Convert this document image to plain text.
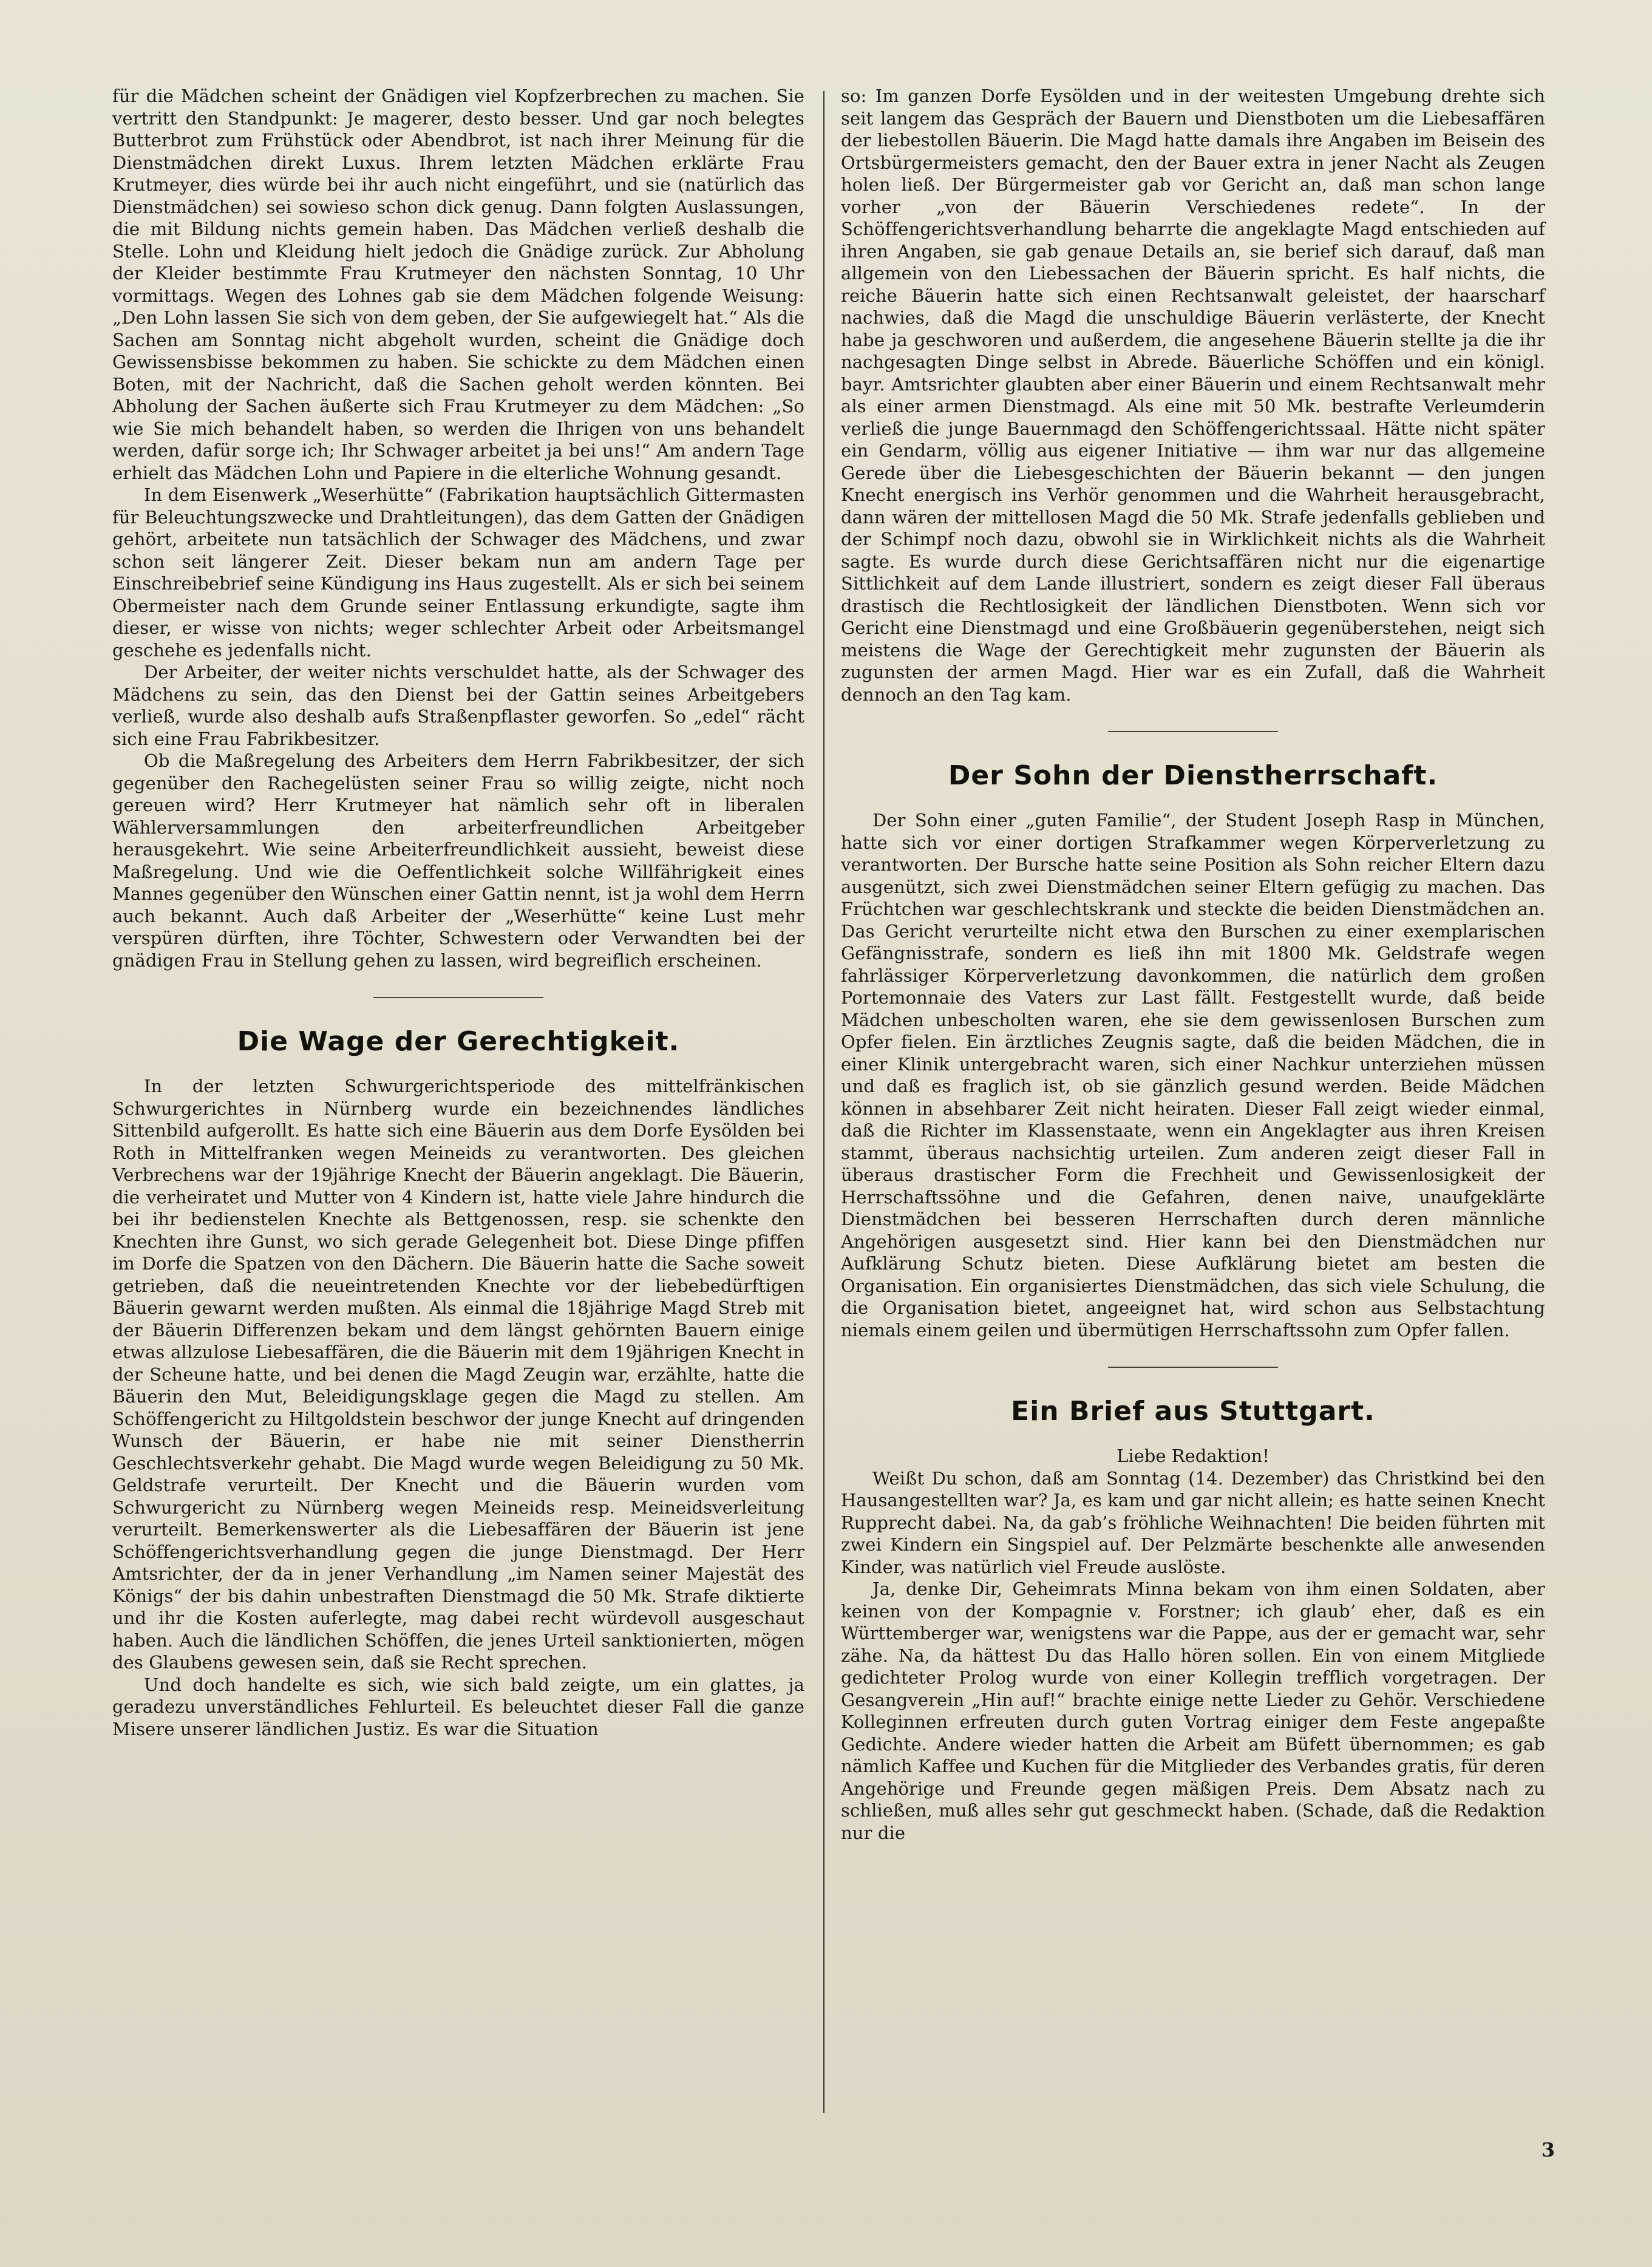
für die Mädchen scheint der Gnädigen viel Kopfzerbrechen zu machen. Sie vertritt den Standpunkt: Je magerer, desto besser. Und gar noch belegtes Butterbrot zum Frühstück oder Abendbrot, ist nach ihrer Meinung für die Dienstmädchen direkt Luxus. Ihrem letzten Mädchen erklärte Frau Krutmeyer, dies würde bei ihr auch nicht eingeführt, und sie (natürlich das Dienstmädchen) sei sowieso schon dick genug. Dann folgten Auslassungen, die mit Bildung nichts gemein haben. Das Mädchen verließ deshalb die Stelle. Lohn und Kleidung hielt jedoch die Gnädige zurück. Zur Abholung der Kleider bestimmte Frau Krutmeyer den nächsten Sonntag, 10 Uhr vormittags. Wegen des Lohnes gab sie dem Mädchen folgende Weisung: „Den Lohn lassen Sie sich von dem geben, der Sie aufgewiegelt hat.“ Als die Sachen am Sonntag nicht abgeholt wurden, scheint die Gnädige doch Gewissensbisse bekommen zu haben. Sie schickte zu dem Mädchen einen Boten, mit der Nachricht, daß die Sachen geholt werden könnten. Bei Abholung der Sachen äußerte sich Frau Krutmeyer zu dem Mädchen: „So wie Sie mich behandelt haben, so werden die Ihrigen von uns behandelt werden, dafür sorge ich; Ihr Schwager arbeitet ja bei uns!“ Am andern Tage erhielt das Mädchen Lohn und Papiere in die elterliche Wohnung gesandt.

In dem Eisenwerk „Weserhütte“ (Fabrikation hauptsächlich Gittermasten für Beleuchtungszwecke und Drahtleitungen), das dem Gatten der Gnädigen gehört, arbeitete nun tatsächlich der Schwager des Mädchens, und zwar schon seit längerer Zeit. Dieser bekam nun am andern Tage per Einschreibebrief seine Kündigung ins Haus zugestellt. Als er sich bei seinem Obermeister nach dem Grunde seiner Entlassung erkundigte, sagte ihm dieser, er wisse von nichts; weger schlechter Arbeit oder Arbeitsmangel geschehe es jedenfalls nicht.

Der Arbeiter, der weiter nichts verschuldet hatte, als der Schwager des Mädchens zu sein, das den Dienst bei der Gattin seines Arbeitgebers verließ, wurde also deshalb aufs Straßenpflaster geworfen. So „edel“ rächt sich eine Frau Fabrikbesitzer.

Ob die Maßregelung des Arbeiters dem Herrn Fabrikbesitzer, der sich gegenüber den Rachegelüsten seiner Frau so willig zeigte, nicht noch gereuen wird? Herr Krutmeyer hat nämlich sehr oft in liberalen Wählerversammlungen den arbeiterfreundlichen Arbeitgeber herausgekehrt. Wie seine Arbeiterfreundlichkeit aussieht, beweist diese Maßregelung. Und wie die Oeffentlichkeit solche Willfährigkeit eines Mannes gegenüber den Wünschen einer Gattin nennt, ist ja wohl dem Herrn auch bekannt. Auch daß Arbeiter der „Weserhütte“ keine Lust mehr verspüren dürften, ihre Töchter, Schwestern oder Verwandten bei der gnädigen Frau in Stellung gehen zu lassen, wird begreiflich erscheinen.

Die Wage der Gerechtigkeit.

In der letzten Schwurgerichtsperiode des mittelfränkischen Schwurgerichtes in Nürnberg wurde ein bezeichnendes ländliches Sittenbild aufgerollt. Es hatte sich eine Bäuerin aus dem Dorfe Eysölden bei Roth in Mittelfranken wegen Meineids zu verantworten. Des gleichen Verbrechens war der 19jährige Knecht der Bäuerin angeklagt. Die Bäuerin, die verheiratet und Mutter von 4 Kindern ist, hatte viele Jahre hindurch die bei ihr bedienstelen Knechte als Bettgenossen, resp. sie schenkte den Knechten ihre Gunst, wo sich gerade Gelegenheit bot. Diese Dinge pfiffen im Dorfe die Spatzen von den Dächern. Die Bäuerin hatte die Sache soweit getrieben, daß die neueintretenden Knechte vor der liebebedürftigen Bäuerin gewarnt werden mußten. Als einmal die 18jährige Magd Streb mit der Bäuerin Differenzen bekam und dem längst gehörnten Bauern einige etwas allzulose Liebesaffären, die die Bäuerin mit dem 19jährigen Knecht in der Scheune hatte, und bei denen die Magd Zeugin war, erzählte, hatte die Bäuerin den Mut, Beleidigungsklage gegen die Magd zu stellen. Am Schöffengericht zu Hiltgoldstein beschwor der junge Knecht auf dringenden Wunsch der Bäuerin, er habe nie mit seiner Dienstherrin Geschlechtsverkehr gehabt. Die Magd wurde wegen Beleidigung zu 50 Mk. Geldstrafe verurteilt. Der Knecht und die Bäuerin wurden vom Schwurgericht zu Nürnberg wegen Meineids resp. Meineidsverleitung verurteilt. Bemerkenswerter als die Liebesaffären der Bäuerin ist jene Schöffengerichtsverhandlung gegen die junge Dienstmagd. Der Herr Amtsrichter, der da in jener Verhandlung „im Namen seiner Majestät des Königs“ der bis dahin unbestraften Dienstmagd die 50 Mk. Strafe diktierte und ihr die Kosten auferlegte, mag dabei recht würdevoll ausgeschaut haben. Auch die ländlichen Schöffen, die jenes Urteil sanktionierten, mögen des Glaubens gewesen sein, daß sie Recht sprechen.

Und doch handelte es sich, wie sich bald zeigte, um ein glattes, ja geradezu unverständliches Fehlurteil. Es beleuchtet dieser Fall die ganze Misere unserer ländlichen Justiz. Es war die Situation

so: Im ganzen Dorfe Eysölden und in der weitesten Umgebung drehte sich seit langem das Gespräch der Bauern und Dienstboten um die Liebesaffären der liebestollen Bäuerin. Die Magd hatte damals ihre Angaben im Beisein des Ortsbürgermeisters gemacht, den der Bauer extra in jener Nacht als Zeugen holen ließ. Der Bürgermeister gab vor Gericht an, daß man schon lange vorher „von der Bäuerin Verschiedenes redete“. In der Schöffengerichtsverhandlung beharrte die angeklagte Magd entschieden auf ihren Angaben, sie gab genaue Details an, sie berief sich darauf, daß man allgemein von den Liebessachen der Bäuerin spricht. Es half nichts, die reiche Bäuerin hatte sich einen Rechtsanwalt geleistet, der haarscharf nachwies, daß die Magd die unschuldige Bäuerin verlästerte, der Knecht habe ja geschworen und außerdem, die angesehene Bäuerin stellte ja die ihr nachgesagten Dinge selbst in Abrede. Bäuerliche Schöffen und ein königl. bayr. Amtsrichter glaubten aber einer Bäuerin und einem Rechtsanwalt mehr als einer armen Dienstmagd. Als eine mit 50 Mk. bestrafte Verleumderin verließ die junge Bauernmagd den Schöffengerichtssaal. Hätte nicht später ein Gendarm, völlig aus eigener Initiative — ihm war nur das allgemeine Gerede über die Liebesgeschichten der Bäuerin bekannt — den jungen Knecht energisch ins Verhör genommen und die Wahrheit herausgebracht, dann wären der mittellosen Magd die 50 Mk. Strafe jedenfalls geblieben und der Schimpf noch dazu, obwohl sie in Wirklichkeit nichts als die Wahrheit sagte. Es wurde durch diese Gerichtsaffären nicht nur die eigenartige Sittlichkeit auf dem Lande illustriert, sondern es zeigt dieser Fall überaus drastisch die Rechtlosigkeit der ländlichen Dienstboten. Wenn sich vor Gericht eine Dienstmagd und eine Großbäuerin gegenüberstehen, neigt sich meistens die Wage der Gerechtigkeit mehr zugunsten der Bäuerin als zugunsten der armen Magd. Hier war es ein Zufall, daß die Wahrheit dennoch an den Tag kam.

Der Sohn der Dienstherrschaft.

Der Sohn einer „guten Familie“, der Student Joseph Rasp in München, hatte sich vor einer dortigen Strafkammer wegen Körperverletzung zu verantworten. Der Bursche hatte seine Position als Sohn reicher Eltern dazu ausgenützt, sich zwei Dienstmädchen seiner Eltern gefügig zu machen. Das Früchtchen war geschlechtskrank und steckte die beiden Dienstmädchen an. Das Gericht verurteilte nicht etwa den Burschen zu einer exemplarischen Gefängnisstrafe, sondern es ließ ihn mit 1800 Mk. Geldstrafe wegen fahrlässiger Körperverletzung davonkommen, die natürlich dem großen Portemonnaie des Vaters zur Last fällt. Festgestellt wurde, daß beide Mädchen unbescholten waren, ehe sie dem gewissenlosen Burschen zum Opfer fielen. Ein ärztliches Zeugnis sagte, daß die beiden Mädchen, die in einer Klinik untergebracht waren, sich einer Nachkur unterziehen müssen und daß es fraglich ist, ob sie gänzlich gesund werden. Beide Mädchen können in absehbarer Zeit nicht heiraten. Dieser Fall zeigt wieder einmal, daß die Richter im Klassenstaate, wenn ein Angeklagter aus ihren Kreisen stammt, überaus nachsichtig urteilen. Zum anderen zeigt dieser Fall in überaus drastischer Form die Frechheit und Gewissenlosigkeit der Herrschaftssöhne und die Gefahren, denen naive, unaufgeklärte Dienstmädchen bei besseren Herrschaften durch deren männliche Angehörigen ausgesetzt sind. Hier kann bei den Dienstmädchen nur Aufklärung Schutz bieten. Diese Aufklärung bietet am besten die Organisation. Ein organisiertes Dienstmädchen, das sich viele Schulung, die die Organisation bietet, angeeignet hat, wird schon aus Selbstachtung niemals einem geilen und übermütigen Herrschaftssohn zum Opfer fallen.

Ein Brief aus Stuttgart.

Liebe Redaktion!

Weißt Du schon, daß am Sonntag (14. Dezember) das Christkind bei den Hausangestellten war? Ja, es kam und gar nicht allein; es hatte seinen Knecht Rupprecht dabei. Na, da gab’s fröhliche Weihnachten! Die beiden führten mit zwei Kindern ein Singspiel auf. Der Pelzmärte beschenkte alle anwesenden Kinder, was natürlich viel Freude auslöste.

Ja, denke Dir, Geheimrats Minna bekam von ihm einen Soldaten, aber keinen von der Kompagnie v. Forstner; ich glaub’ eher, daß es ein Württemberger war, wenigstens war die Pappe, aus der er gemacht war, sehr zähe. Na, da hättest Du das Hallo hören sollen. Ein von einem Mitgliede gedichteter Prolog wurde von einer Kollegin trefflich vorgetragen. Der Gesangverein „Hin auf!“ brachte einige nette Lieder zu Gehör. Verschiedene Kolleginnen erfreuten durch guten Vortrag einiger dem Feste angepaßte Gedichte. Andere wieder hatten die Arbeit am Büfett übernommen; es gab nämlich Kaffee und Kuchen für die Mitglieder des Verbandes gratis, für deren Angehörige und Freunde gegen mäßigen Preis. Dem Absatz nach zu schließen, muß alles sehr gut geschmeckt haben. (Schade, daß die Redaktion nur die

3
